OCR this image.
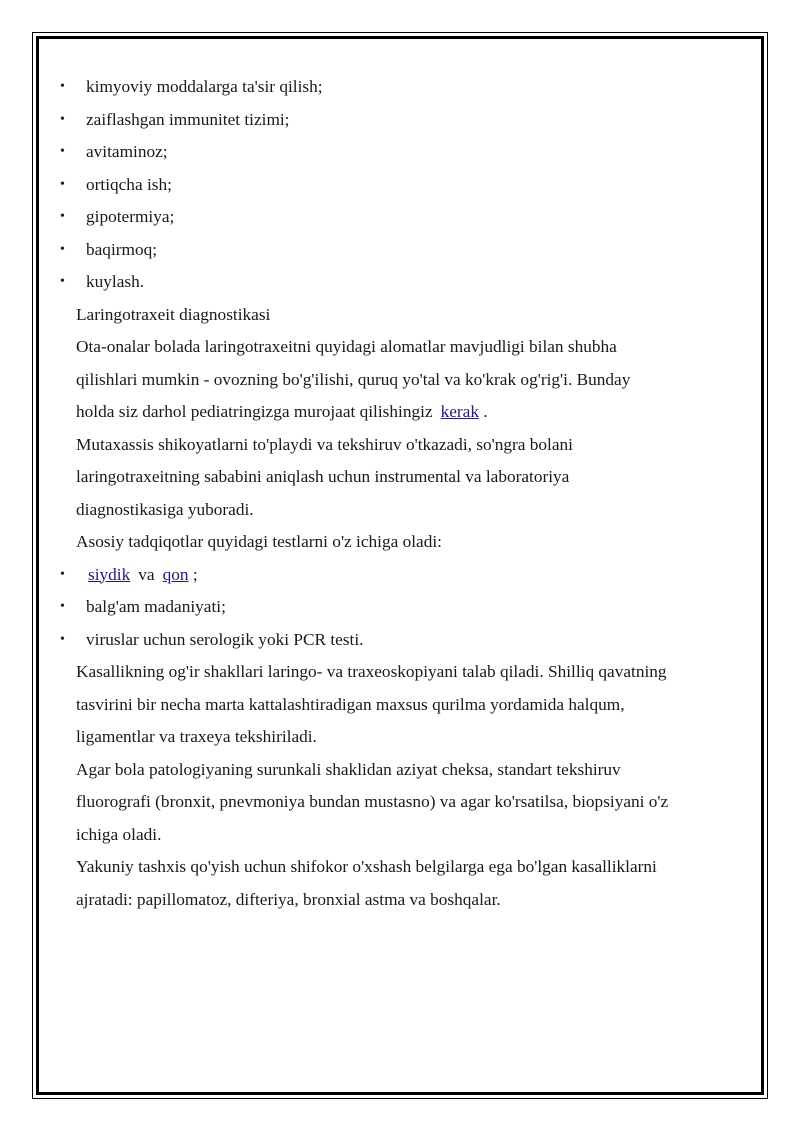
• kimyoviy moddalarga ta'sir qilish;

• zaiflashgan immunitet tizimi;

• avitaminoz;

• ortiqcha ish;

• gipotermiya;

• baqirmoq;

• kuylash.

Laringotraxeit diagnostikasi

Ota-onalar bolada laringotraxeitni quyidagi alomatlar mavjudligi bilan shubha

qilishlari mumkin - ovozning bo'g'ilishi, quruq yo'tal va ko'krak og'rig'i. Bunday

holda siz darhol pediatringizga murojaat qilishingiz kerak .

Mutaxassis shikoyatlarni to'playdi va tekshiruv o'tkazadi, so'ngra bolani

laringotraxeitning sababini aniqlash uchun instrumental va laboratoriya

diagnostikasiga yuboradi.

Asosiy tadqiqotlar quyidagi testlarni o'z ichiga oladi:

• siydik va qon ;

• balg'am madaniyati;

• viruslar uchun serologik yoki PCR testi.

Kasallikning og'ir shakllari laringo- va traxeoskopiyani talab qiladi. Shilliq qavatning

tasvirini bir necha marta kattalashtiradigan maxsus qurilma yordamida halqum,

ligamentlar va traxeya tekshiriladi.

Agar bola patologiyaning surunkali shaklidan aziyat cheksa, standart tekshiruv

fluorografi (bronxit, pnevmoniya bundan mustasno) va agar ko'rsatilsa, biopsiyani o'z

ichiga oladi.

Yakuniy tashxis qo'yish uchun shifokor o'xshash belgilarga ega bo'lgan kasalliklarni

ajratadi: papillomatoz, difteriya, bronxial astma va boshqalar.
